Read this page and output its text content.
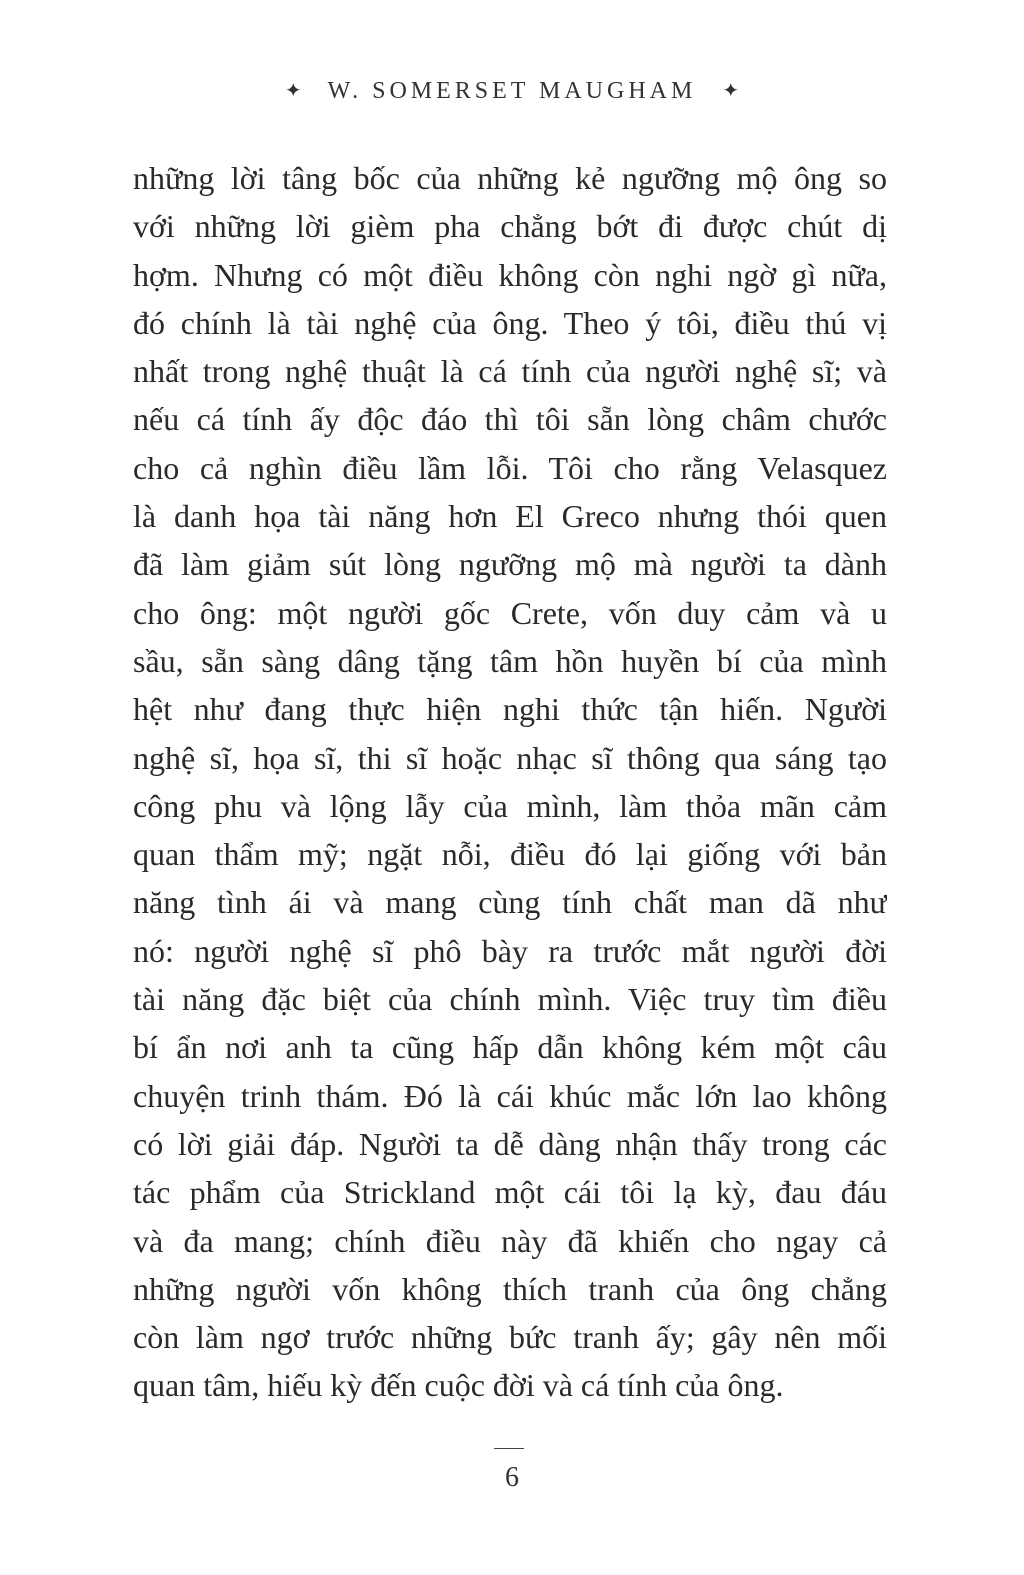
✦ W. SOMERSET MAUGHAM ✦
những lời tâng bốc của những kẻ ngưỡng mộ ông so
với những lời gièm pha chẳng bớt đi được chút dị
hợm. Nhưng có một điều không còn nghi ngờ gì nữa,
đó chính là tài nghệ của ông. Theo ý tôi, điều thú vị
nhất trong nghệ thuật là cá tính của người nghệ sĩ; và
nếu cá tính ấy độc đáo thì tôi sẵn lòng châm chước
cho cả nghìn điều lầm lỗi. Tôi cho rằng Velasquez
là danh họa tài năng hơn El Greco nhưng thói quen
đã làm giảm sút lòng ngưỡng mộ mà người ta dành
cho ông: một người gốc Crete, vốn duy cảm và u
sầu, sẵn sàng dâng tặng tâm hồn huyền bí của mình
hệt như đang thực hiện nghi thức tận hiến. Người
nghệ sĩ, họa sĩ, thi sĩ hoặc nhạc sĩ thông qua sáng tạo
công phu và lộng lẫy của mình, làm thỏa mãn cảm
quan thẩm mỹ; ngặt nỗi, điều đó lại giống với bản
năng tình ái và mang cùng tính chất man dã như
nó: người nghệ sĩ phô bày ra trước mắt người đời
tài năng đặc biệt của chính mình. Việc truy tìm điều
bí ẩn nơi anh ta cũng hấp dẫn không kém một câu
chuyện trinh thám. Đó là cái khúc mắc lớn lao không
có lời giải đáp. Người ta dễ dàng nhận thấy trong các
tác phẩm của Strickland một cái tôi lạ kỳ, đau đáu
và đa mang; chính điều này đã khiến cho ngay cả
những người vốn không thích tranh của ông chẳng
còn làm ngơ trước những bức tranh ấy; gây nên mối
quan tâm, hiếu kỳ đến cuộc đời và cá tính của ông.
6
